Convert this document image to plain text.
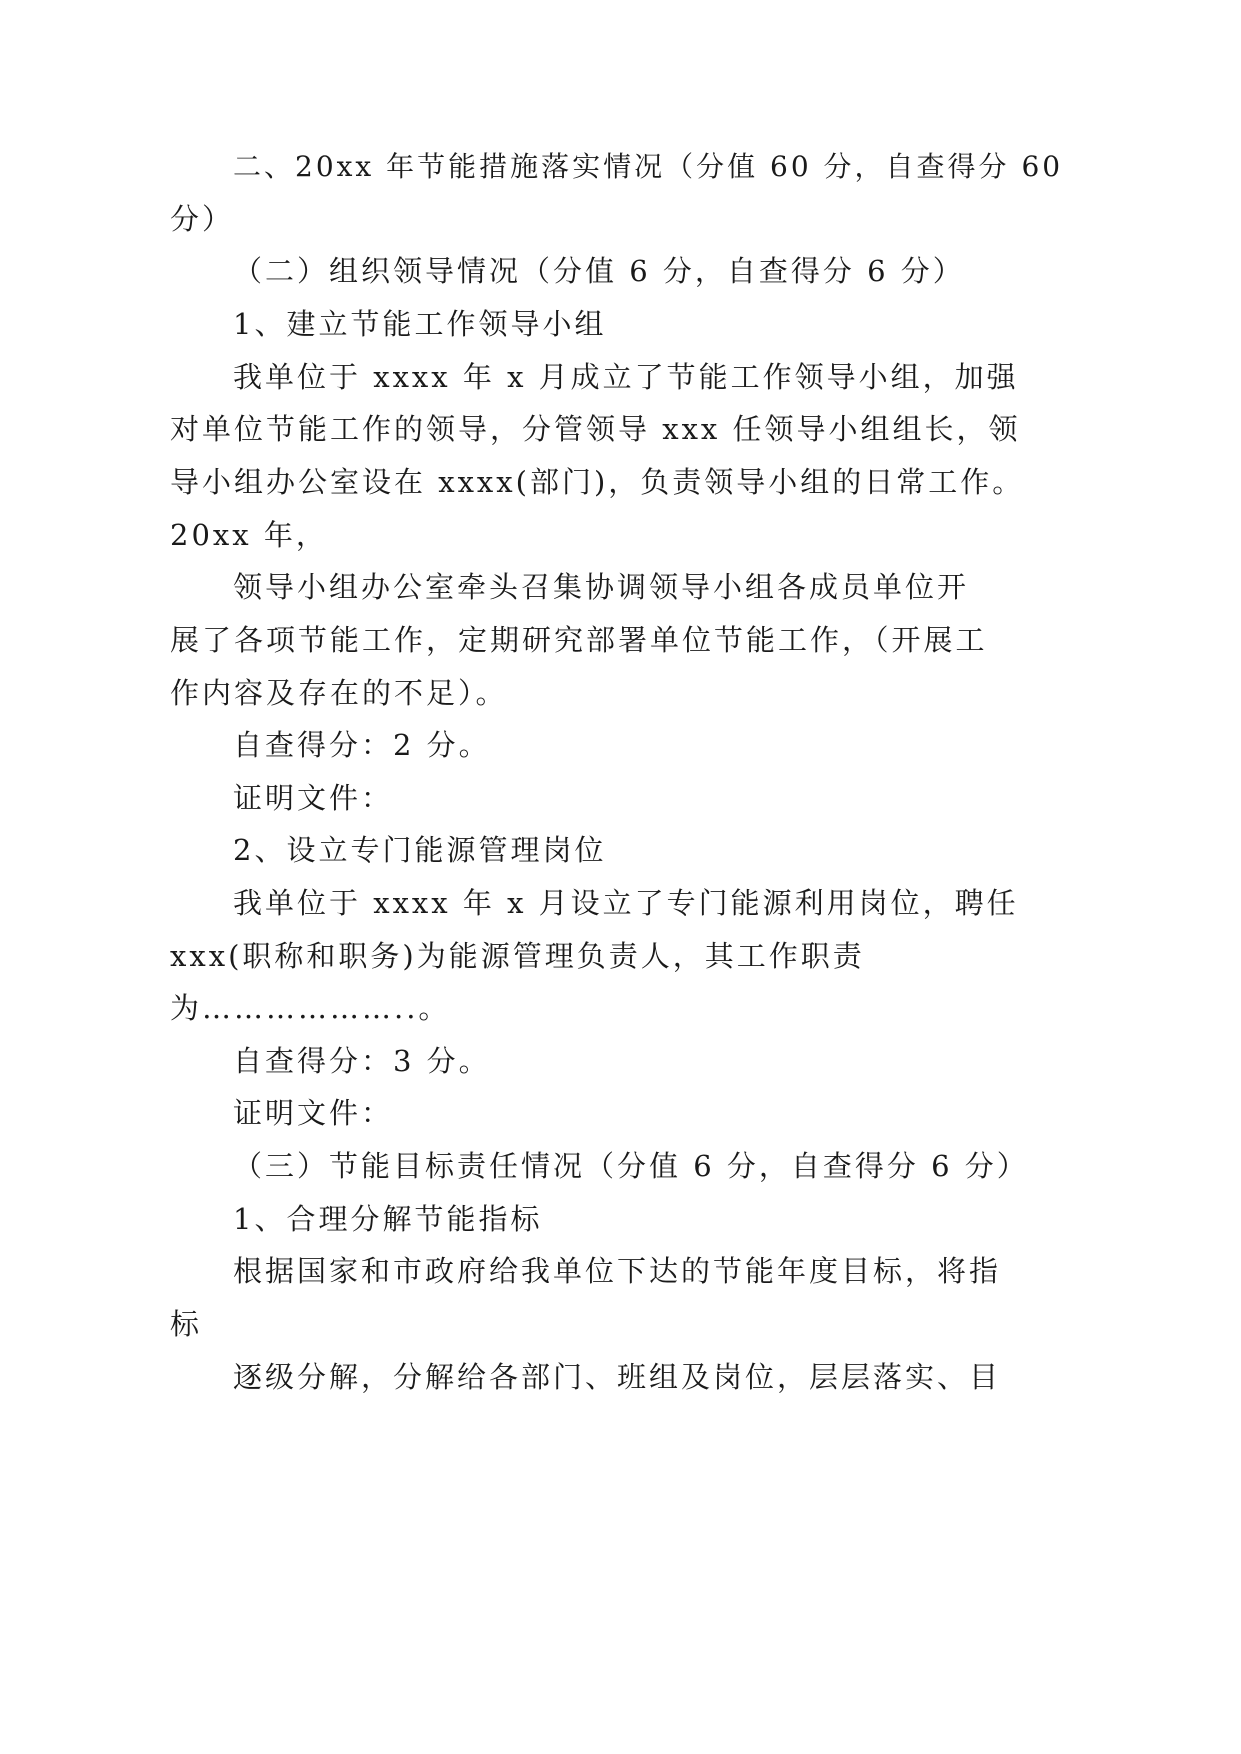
二、20xx 年节能措施落实情况（分值 60 分，自查得分 60
分）
（二）组织领导情况（分值 6 分，自查得分 6 分）
1、建立节能工作领导小组
我单位于 xxxx 年 x 月成立了节能工作领导小组，加强
对单位节能工作的领导，分管领导 xxx 任领导小组组长，领
导小组办公室设在 xxxx(部门)，负责领导小组的日常工作。
20xx 年，
领导小组办公室牵头召集协调领导小组各成员单位开
展了各项节能工作，定期研究部署单位节能工作，（开展工
作内容及存在的不足）。
自查得分：2 分。
证明文件：
2、设立专门能源管理岗位
我单位于 xxxx 年 x 月设立了专门能源利用岗位，聘任
xxx(职称和职务)为能源管理负责人，其工作职责
为………………..。
自查得分：3 分。
证明文件：
（三）节能目标责任情况（分值 6 分，自查得分 6 分）
1、合理分解节能指标
根据国家和市政府给我单位下达的节能年度目标，将指
标
逐级分解，分解给各部门、班组及岗位，层层落实、目
